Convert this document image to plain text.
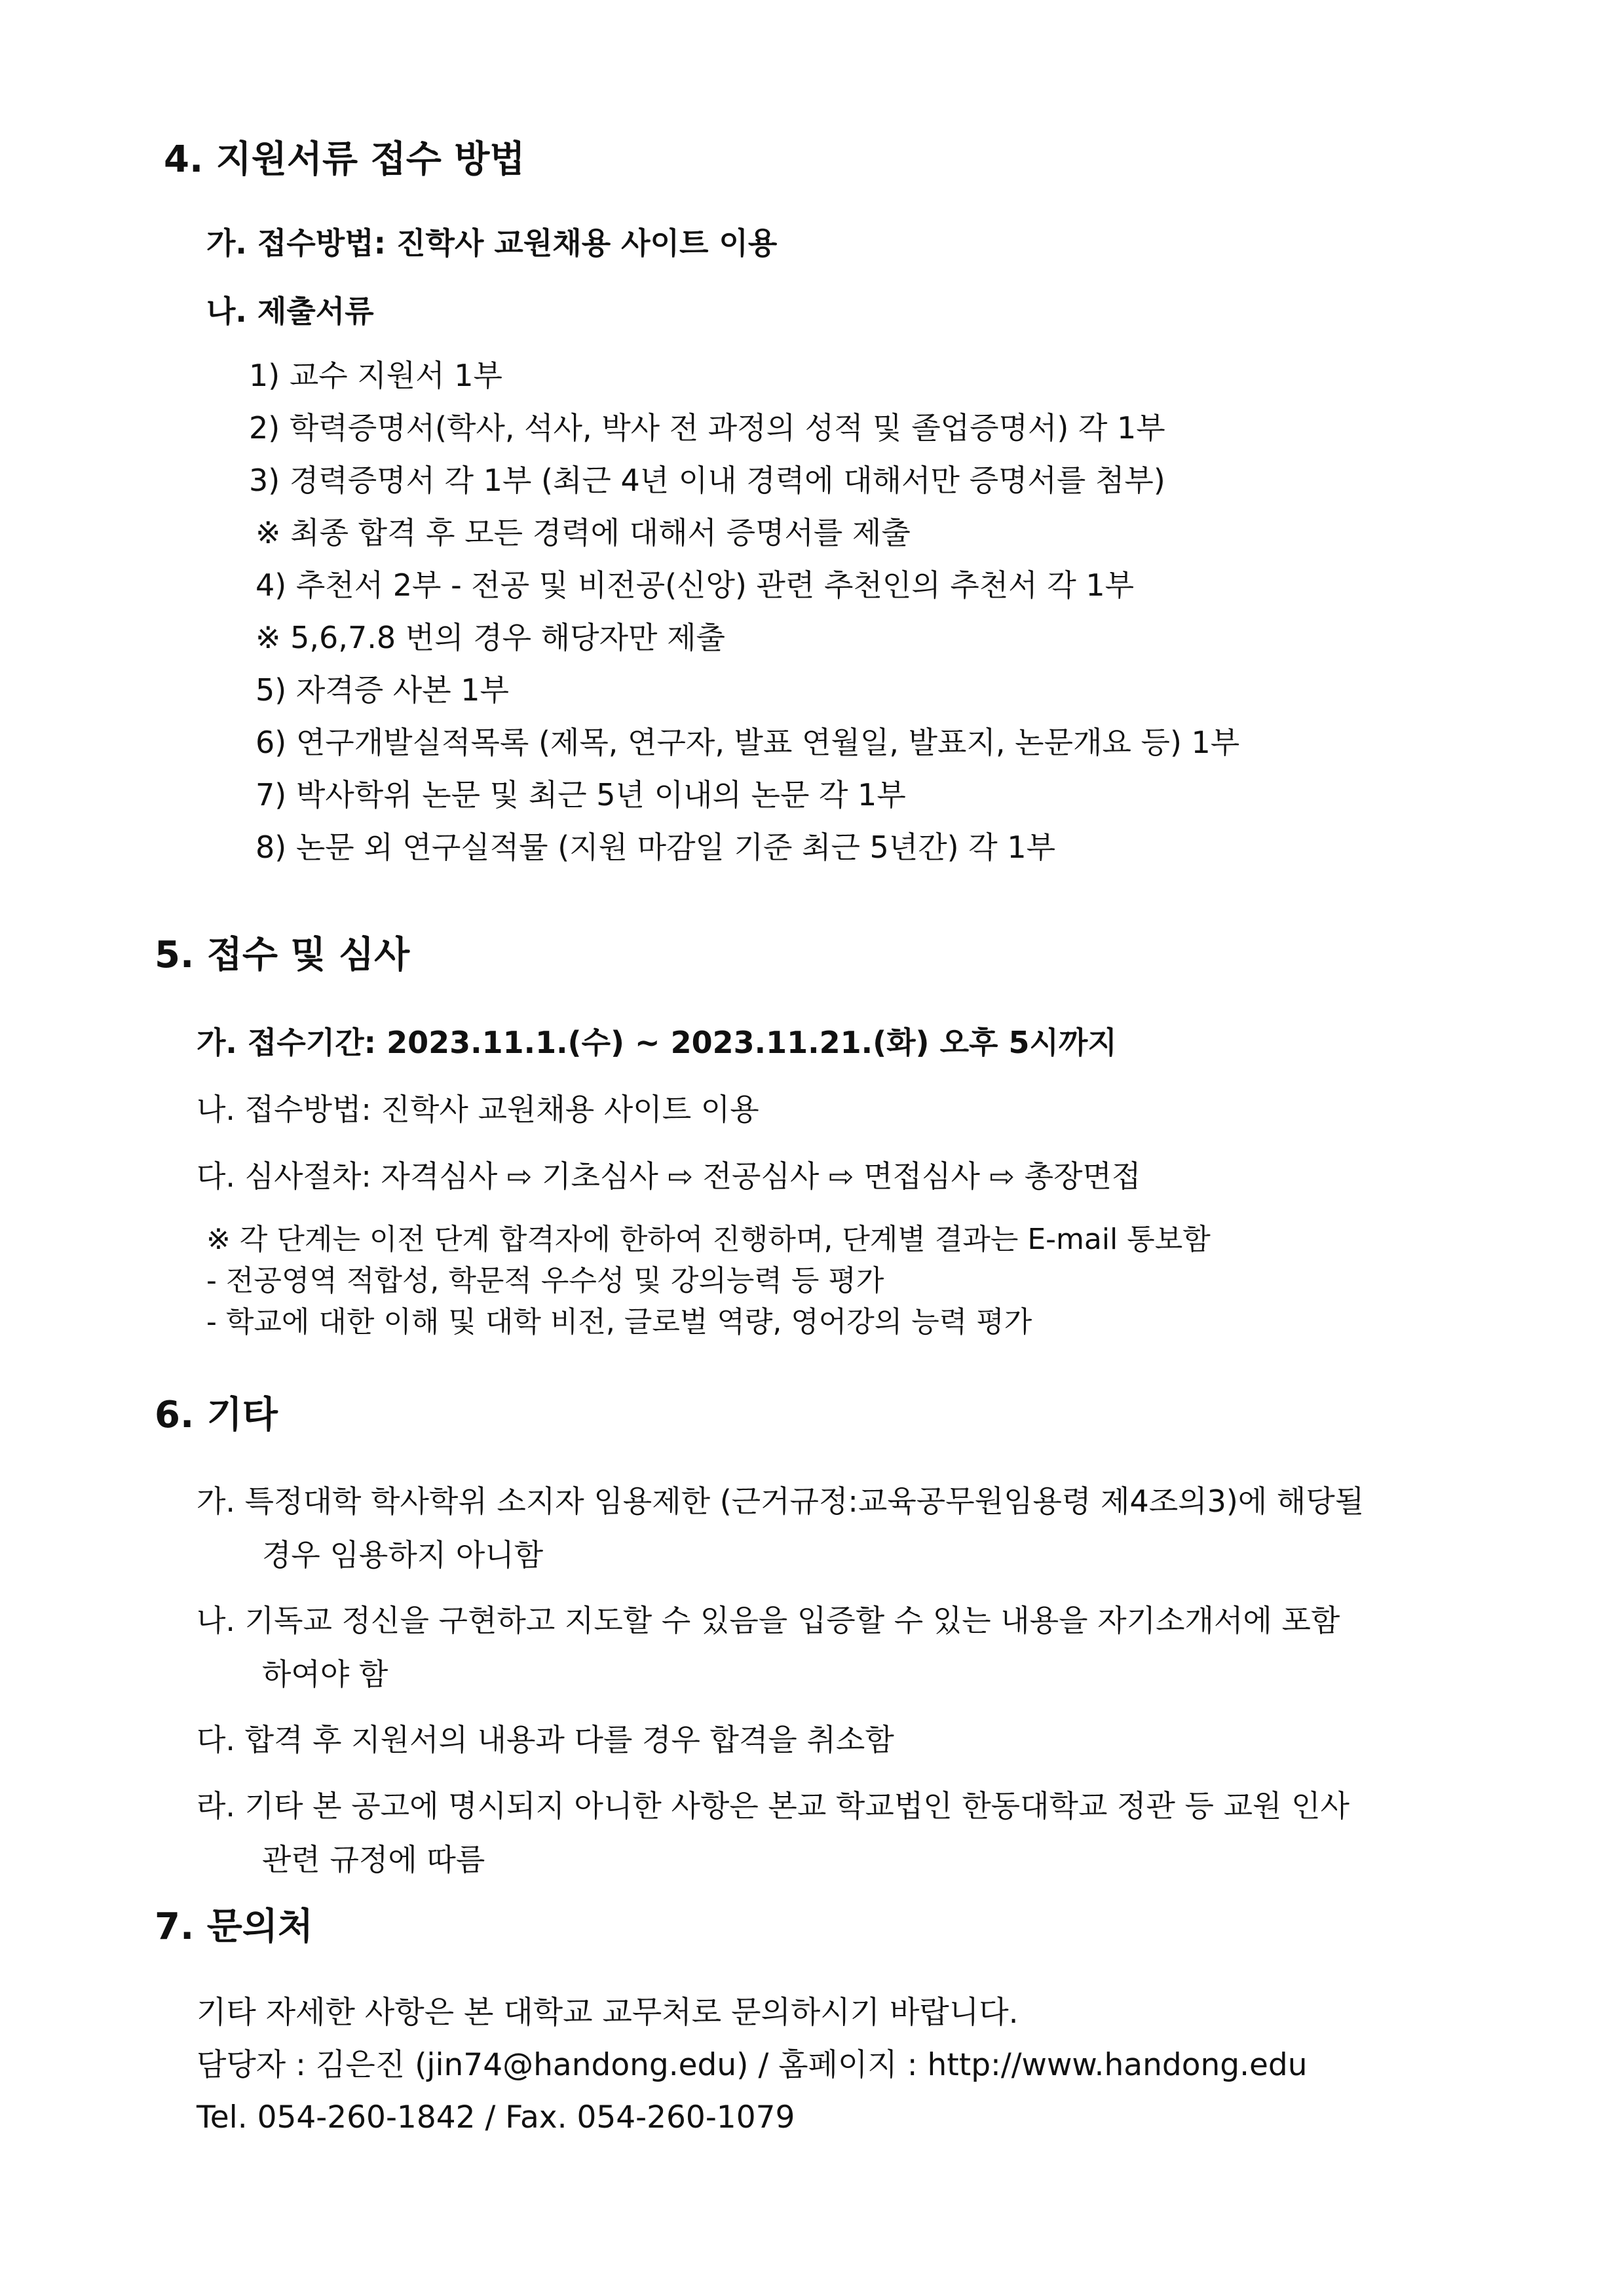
4. 지원서류 접수 방법
가. 접수방법: 진학사 교원채용 사이트 이용
나. 제출서류
1) 교수 지원서 1부
2) 학력증명서(학사, 석사, 박사 전 과정의 성적 및 졸업증명서) 각 1부
3) 경력증명서 각 1부 (최근 4년 이내 경력에 대해서만 증명서를 첨부)
※ 최종 합격 후 모든 경력에 대해서 증명서를 제출
4) 추천서 2부 - 전공 및 비전공(신앙) 관련 추천인의 추천서 각 1부
※ 5,6,7.8 번의 경우 해당자만 제출
5) 자격증 사본 1부
6) 연구개발실적목록 (제목, 연구자, 발표 연월일, 발표지, 논문개요 등) 1부
7) 박사학위 논문 및 최근 5년 이내의 논문 각 1부
8) 논문 외 연구실적물 (지원 마감일 기준 최근 5년간) 각 1부
5. 접수 및 심사
가. 접수기간: 2023.11.1.(수) ~ 2023.11.21.(화) 오후 5시까지
나. 접수방법: 진학사 교원채용 사이트 이용
다. 심사절차: 자격심사 ⇨ 기초심사 ⇨ 전공심사 ⇨ 면접심사 ⇨ 총장면접
※ 각 단계는 이전 단계 합격자에 한하여 진행하며, 단계별 결과는 E-mail 통보함
- 전공영역 적합성, 학문적 우수성 및 강의능력 등 평가
- 학교에 대한 이해 및 대학 비전, 글로벌 역량, 영어강의 능력 평가
6. 기타
가. 특정대학 학사학위 소지자 임용제한 (근거규정:교육공무원임용령 제4조의3)에 해당될
경우 임용하지 아니함
나. 기독교 정신을 구현하고 지도할 수 있음을 입증할 수 있는 내용을 자기소개서에 포함
하여야 함
다. 합격 후 지원서의 내용과 다를 경우 합격을 취소함
라. 기타 본 공고에 명시되지 아니한 사항은 본교 학교법인 한동대학교 정관 등 교원 인사
관련 규정에 따름
7. 문의처
기타 자세한 사항은 본 대학교 교무처로 문의하시기 바랍니다.
담당자 : 김은진 (jin74@handong.edu) / 홈페이지 : http://www.handong.edu
Tel. 054-260-1842 / Fax. 054-260-1079
